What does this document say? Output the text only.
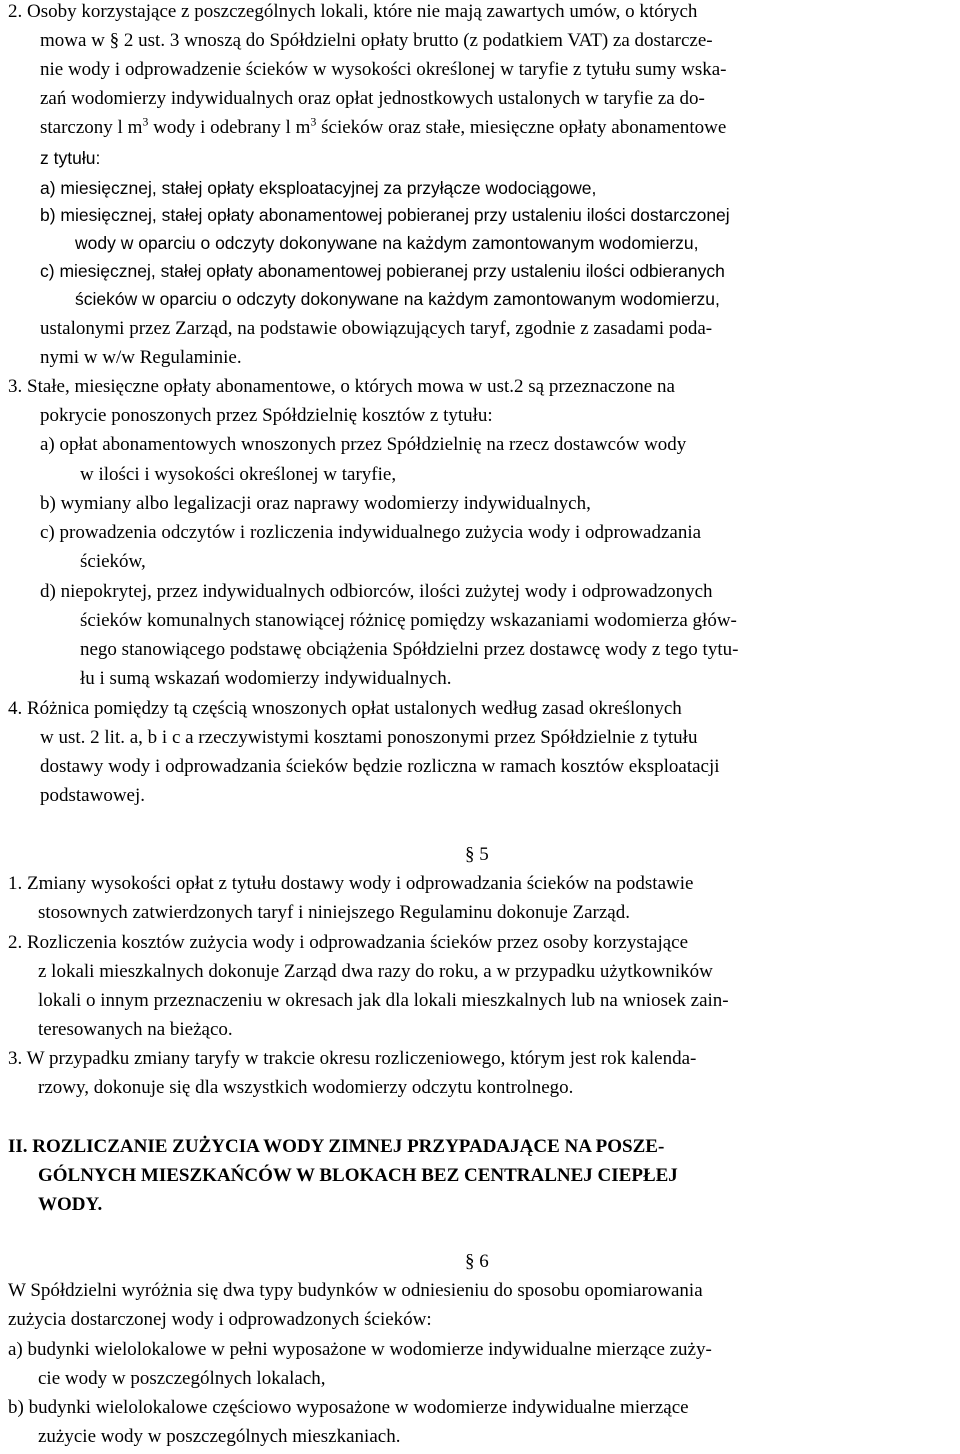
2. Osoby korzystające z poszczególnych lokali, które nie mają zawartych umów, o których
mowa w § 2 ust. 3 wnoszą do Spółdzielni opłaty brutto (z podatkiem VAT) za dostarcze-
nie wody i odprowadzenie ścieków w wysokości określonej w taryfie z tytułu sumy wska-
zań wodomierzy indywidualnych oraz opłat jednostkowych ustalonych w taryfie za do-
starczony l $m^3$ wody i odebrany l $m^3$ ścieków oraz stałe, miesięczne opłaty abonamentowe
z tytułu:
a) miesięcznej, stałej opłaty eksploatacyjnej za przyłącze wodociągowe,
b) miesięcznej, stałej opłaty abonamentowej pobieranej przy ustaleniu ilości dostarczonej
wody w oparciu o odczyty dokonywane na każdym zamontowanym wodomierzu,
c) miesięcznej, stałej opłaty abonamentowej pobieranej przy ustaleniu ilości odbieranych
ścieków w oparciu o odczyty dokonywane na każdym zamontowanym wodomierzu,
ustalonymi przez Zarząd, na podstawie obowiązujących taryf, zgodnie z zasadami poda-
nymi w w/w Regulaminie.
3. Stałe, miesięczne opłaty abonamentowe, o których mowa w ust.2 są przeznaczone na
pokrycie ponoszonych przez Spółdzielnię kosztów z tytułu:
a) opłat abonamentowych wnoszonych przez Spółdzielnię na rzecz dostawców wody
w ilości i wysokości określonej w taryfie,
b) wymiany albo legalizacji oraz naprawy wodomierzy indywidualnych,
c) prowadzenia odczytów i rozliczenia indywidualnego zużycia wody i odprowadzania
ścieków,
d) niepokrytej, przez indywidualnych odbiorców, ilości zużytej wody i odprowadzonych
ścieków komunalnych stanowiącej różnicę pomiędzy wskazaniami wodomierza głów-
nego stanowiącego podstawę obciążenia Spółdzielni przez dostawcę wody z tego tytu-
łu i sumą wskazań wodomierzy indywidualnych.
4. Różnica pomiędzy tą częścią wnoszonych opłat ustalonych według zasad określonych
w ust. 2 lit. a, b i c a rzeczywistymi kosztami ponoszonymi przez Spółdzielnie z tytułu
dostawy wody i odprowadzania ścieków będzie rozliczna w ramach kosztów eksploatacji
podstawowej.
§ 5
1. Zmiany wysokości opłat z tytułu dostawy wody i odprowadzania ścieków na podstawie
stosownych zatwierdzonych taryf i niniejszego Regulaminu dokonuje Zarząd.
2. Rozliczenia kosztów zużycia wody i odprowadzania ścieków przez osoby korzystające
z lokali mieszkalnych dokonuje Zarząd dwa razy do roku, a w przypadku użytkowników
lokali o innym przeznaczeniu w okresach jak dla lokali mieszkalnych lub na wniosek zain-
teresowanych na bieżąco.
3. W przypadku zmiany taryfy w trakcie okresu rozliczeniowego, którym jest rok kalenda-
rzowy, dokonuje się dla wszystkich wodomierzy odczytu kontrolnego.
II. ROZLICZANIE ZUŻYCIA WODY ZIMNEJ PRZYPADAJĄCE NA POSZE-
GÓLNYCH MIESZKAŃCÓW W BLOKACH BEZ CENTRALNEJ CIEPŁEJ
WODY.
§ 6
W Spółdzielni wyróżnia się dwa typy budynków w odniesieniu do sposobu opomiarowania
zużycia dostarczonej wody i odprowadzonych ścieków:
a) budynki wielolokalowe w pełni wyposażone w wodomierze indywidualne mierzące zuży-
cie wody w poszczególnych lokalach,
b) budynki wielolokalowe częściowo wyposażone w wodomierze indywidualne mierzące
zużycie wody w poszczególnych mieszkaniach.
